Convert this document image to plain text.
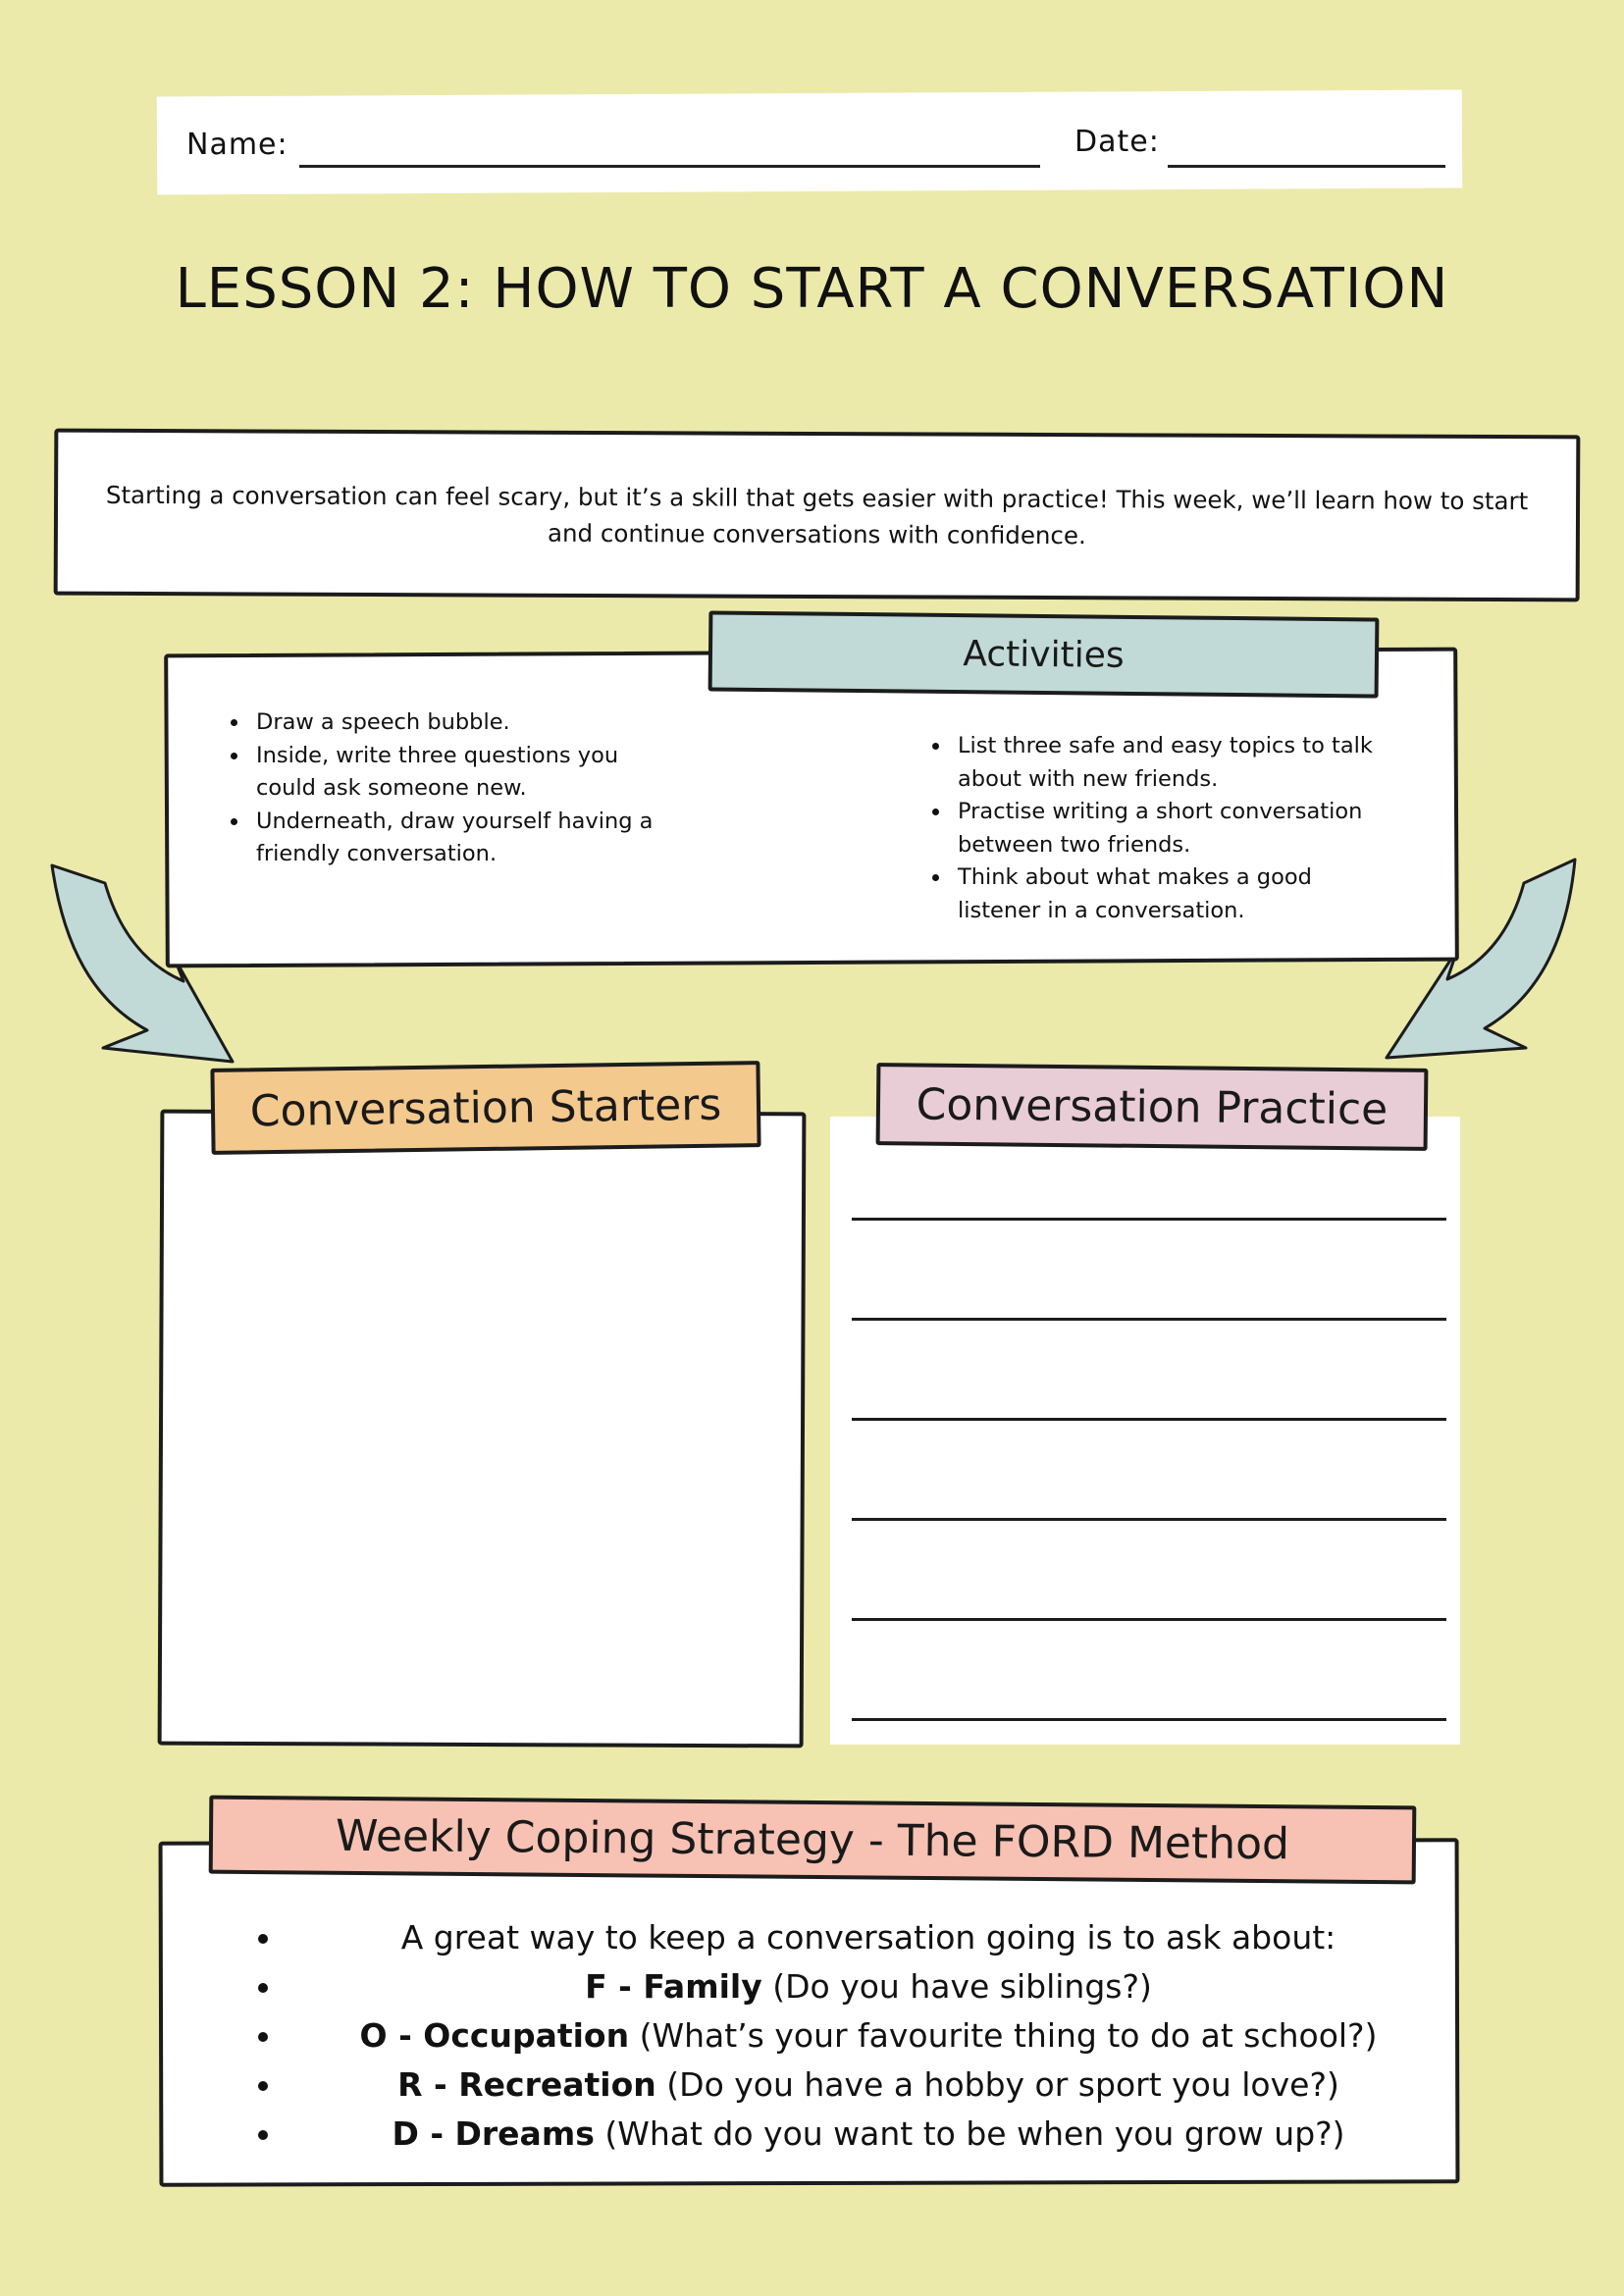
Name:	Date:
LESSON 2: HOW TO START A CONVERSATION
Starting a conversation can feel scary, but it’s a skill that gets easier with practice! This week, we’ll learn how to start and continue conversations with confidence.
Activities
• Draw a speech bubble.
• Inside, write three questions you could ask someone new.
• Underneath, draw yourself having a friendly conversation.
• List three safe and easy topics to talk about with new friends.
• Practise writing a short conversation between two friends.
• Think about what makes a good listener in a conversation.
Conversation Starters	Conversation Practice
Weekly Coping Strategy - The FORD Method
• A great way to keep a conversation going is to ask about:
• F - Family (Do you have siblings?)
• O - Occupation (What’s your favourite thing to do at school?)
• R - Recreation (Do you have a hobby or sport you love?)
• D - Dreams (What do you want to be when you grow up?)
